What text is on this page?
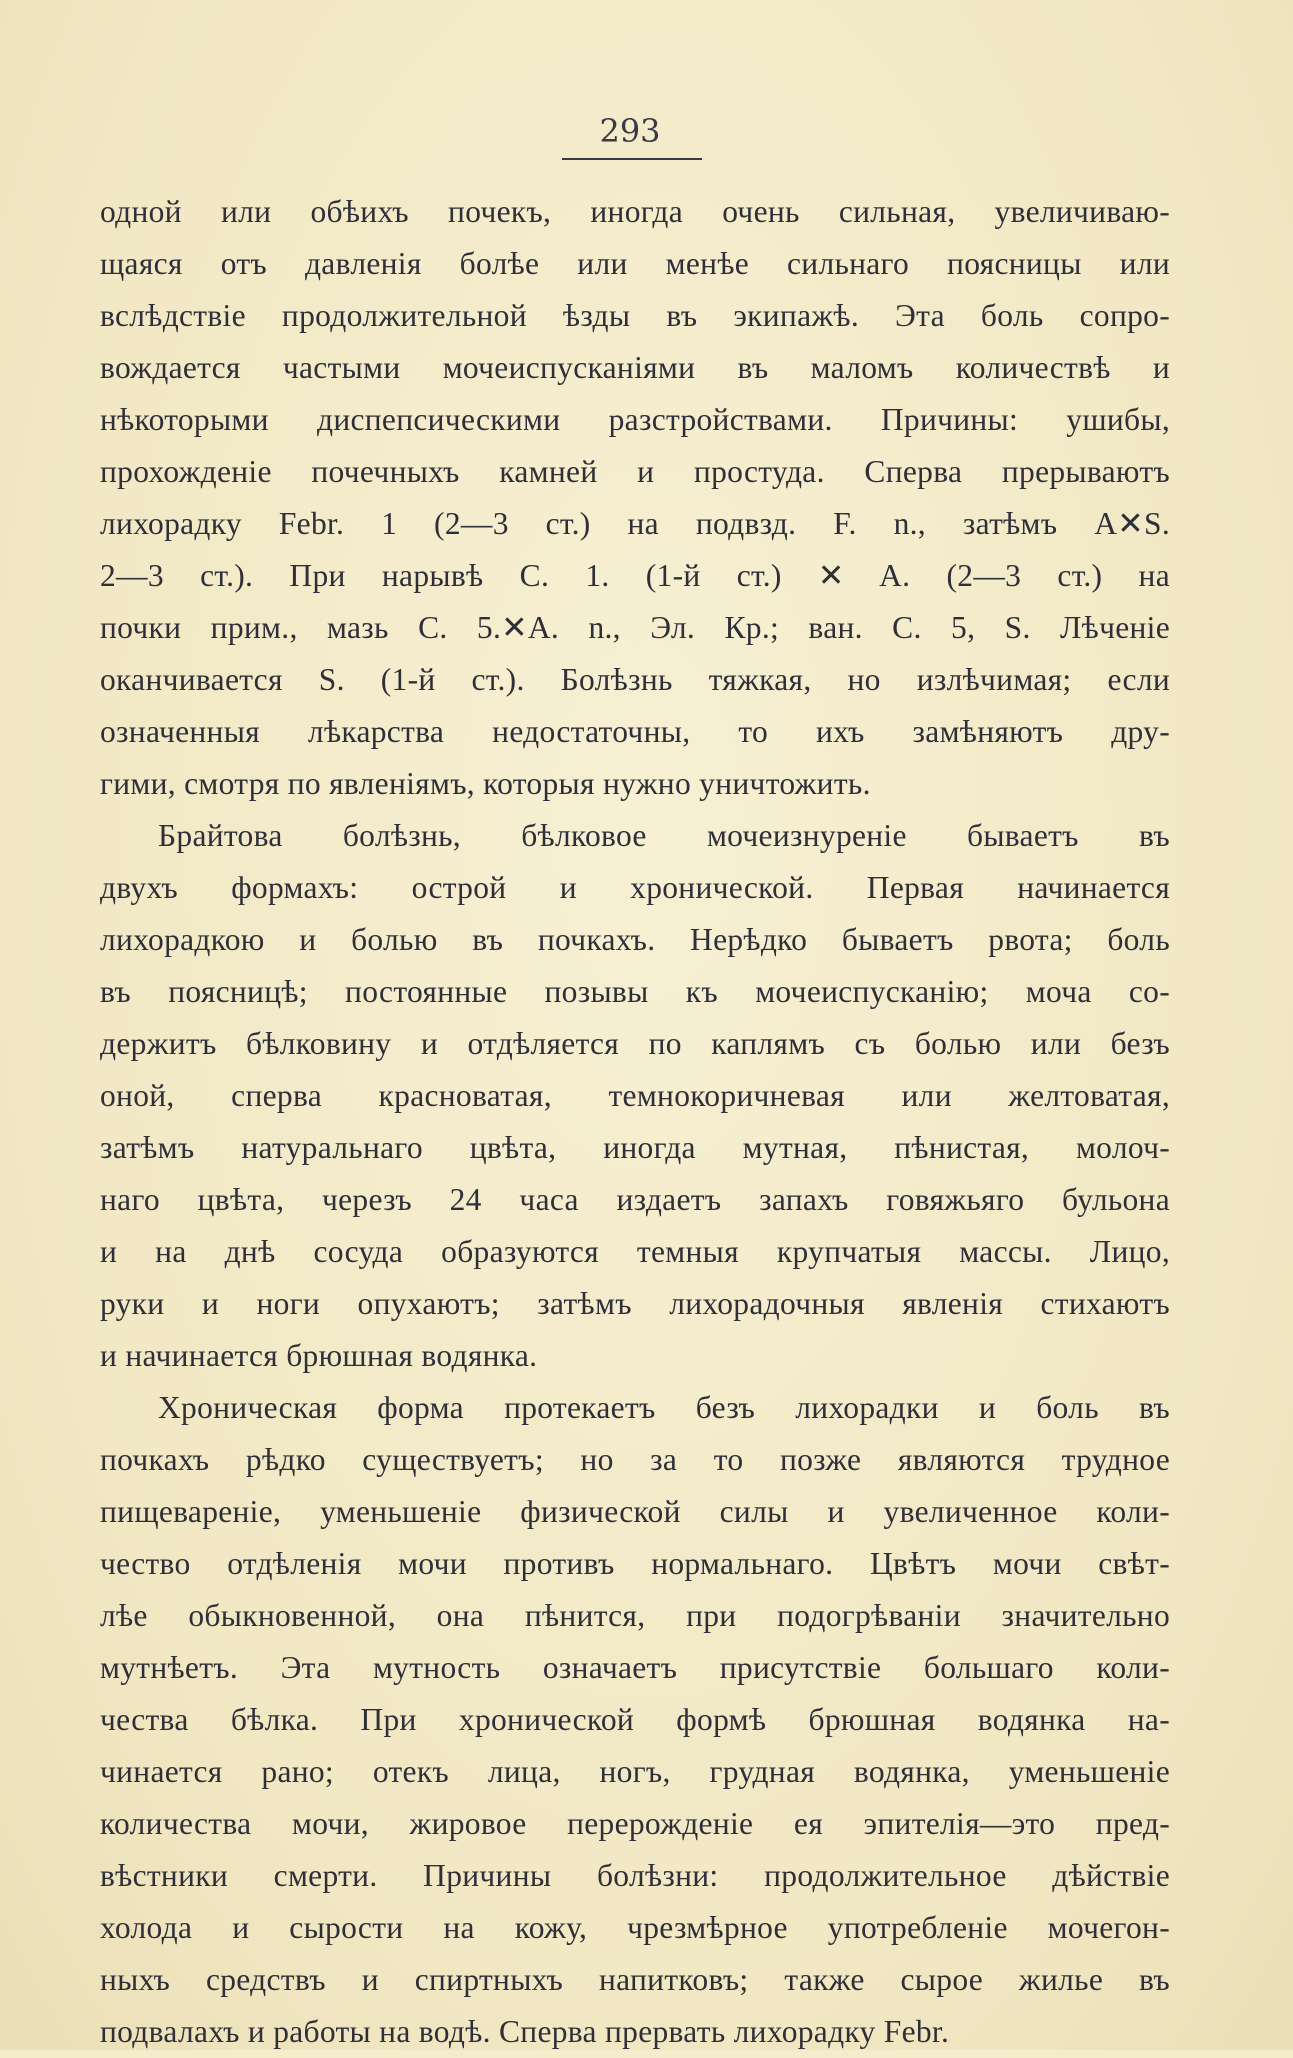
293
одной или обѣихъ почекъ, иногда очень сильная, увеличиваю-
щаяся отъ давленія болѣе или менѣе сильнаго поясницы или
вслѣдствіе продолжительной ѣзды въ экипажѣ. Эта боль сопро-
вождается частыми мочеиспусканіями въ маломъ количествѣ и
нѣкоторыми диспепсическими разстройствами. Причины: ушибы,
прохожденіе почечныхъ камней и простуда. Сперва прерываютъ
лихорадку Febr. 1 (2—3 ст.) на подвзд. F. n., затѣмъ A✕S.
2—3 ст.). При нарывѣ C. 1. (1-й ст.) ✕ A. (2—3 ст.) на
почки прим., мазь C. 5.✕A. n., Эл. Кр.; ван. C. 5, S. Лѣченіе
оканчивается S. (1-й ст.). Болѣзнь тяжкая, но излѣчимая; если
означенныя лѣкарства недостаточны, то ихъ замѣняютъ дру-
гими, смотря по явленіямъ, которыя нужно уничтожить.
Брайтова болѣзнь, бѣлковое мочеизнуреніе бываетъ въ
двухъ формахъ: острой и хронической. Первая начинается
лихорадкою и болью въ почкахъ. Нерѣдко бываетъ рвота; боль
въ поясницѣ; постоянные позывы къ мочеиспусканію; моча со-
держитъ бѣлковину и отдѣляется по каплямъ съ болью или безъ
оной, сперва красноватая, темнокоричневая или желтоватая,
затѣмъ натуральнаго цвѣта, иногда мутная, пѣнистая, молоч-
наго цвѣта, черезъ 24 часа издаетъ запахъ говяжьяго бульона
и на днѣ сосуда образуются темныя крупчатыя массы. Лицо,
руки и ноги опухаютъ; затѣмъ лихорадочныя явленія стихаютъ
и начинается брюшная водянка.
Хроническая форма протекаетъ безъ лихорадки и боль въ
почкахъ рѣдко существуетъ; но за то позже являются трудное
пищевареніе, уменьшеніе физической силы и увеличенное коли-
чество отдѣленія мочи противъ нормальнаго. Цвѣтъ мочи свѣт-
лѣе обыкновенной, она пѣнится, при подогрѣваніи значительно
мутнѣетъ. Эта мутность означаетъ присутствіе большаго коли-
чества бѣлка. При хронической формѣ брюшная водянка на-
чинается рано; отекъ лица, ногъ, грудная водянка, уменьшеніе
количества мочи, жировое перерожденіе ея эпителія—это пред-
вѣстники смерти. Причины болѣзни: продолжительное дѣйствіе
холода и сырости на кожу, чрезмѣрное употребленіе мочегон-
ныхъ средствъ и спиртныхъ напитковъ; также сырое жилье въ
подвалахъ и работы на водѣ. Сперва прервать лихорадку Febr.
